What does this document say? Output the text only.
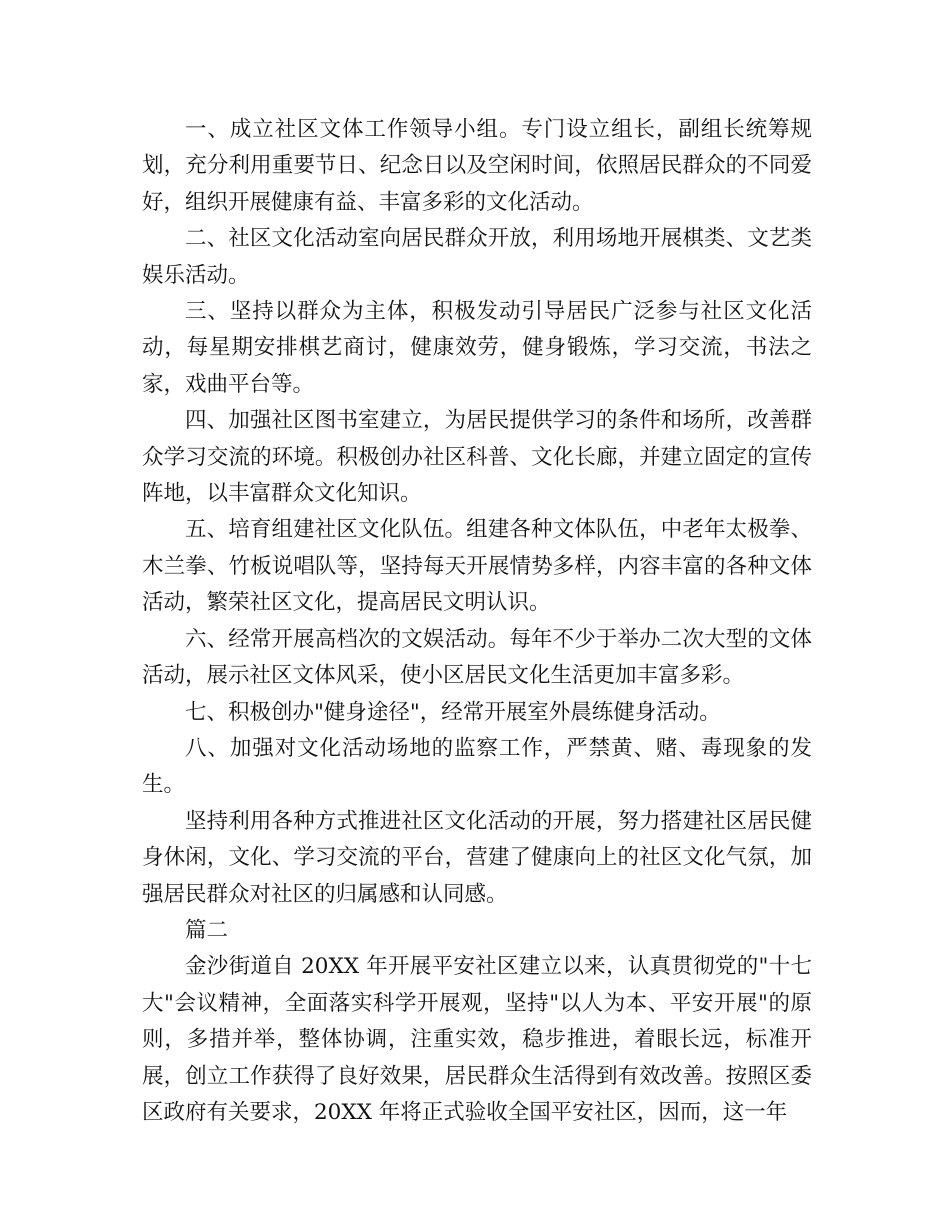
一、成立社区文体工作领导小组。专门设立组长，副组长统筹规划，充分利用重要节日、纪念日以及空闲时间，依照居民群众的不同爱好，组织开展健康有益、丰富多彩的文化活动。

二、社区文化活动室向居民群众开放，利用场地开展棋类、文艺类娱乐活动。

三、坚持以群众为主体，积极发动引导居民广泛参与社区文化活动，每星期安排棋艺商讨，健康效劳，健身锻炼，学习交流，书法之家，戏曲平台等。

四、加强社区图书室建立，为居民提供学习的条件和场所，改善群众学习交流的环境。积极创办社区科普、文化长廊，并建立固定的宣传阵地，以丰富群众文化知识。

五、培育组建社区文化队伍。组建各种文体队伍，中老年太极拳、木兰拳、竹板说唱队等，坚持每天开展情势多样，内容丰富的各种文体活动，繁荣社区文化，提高居民文明认识。

六、经常开展高档次的文娱活动。每年不少于举办二次大型的文体活动，展示社区文体风采，使小区居民文化生活更加丰富多彩。

七、积极创办"健身途径"，经常开展室外晨练健身活动。

八、加强对文化活动场地的监察工作，严禁黄、赌、毒现象的发生。

坚持利用各种方式推进社区文化活动的开展，努力搭建社区居民健身休闲，文化、学习交流的平台，营建了健康向上的社区文化气氛，加强居民群众对社区的归属感和认同感。

篇二

金沙街道自 20XX 年开展平安社区建立以来，认真贯彻党的"十七大"会议精神，全面落实科学开展观，坚持"以人为本、平安开展"的原则，多措并举，整体协调，注重实效，稳步推进，着眼长远，标准开展，创立工作获得了良好效果，居民群众生活得到有效改善。按照区委区政府有关要求，20XX 年将正式验收全国平安社区，因而，这一年
